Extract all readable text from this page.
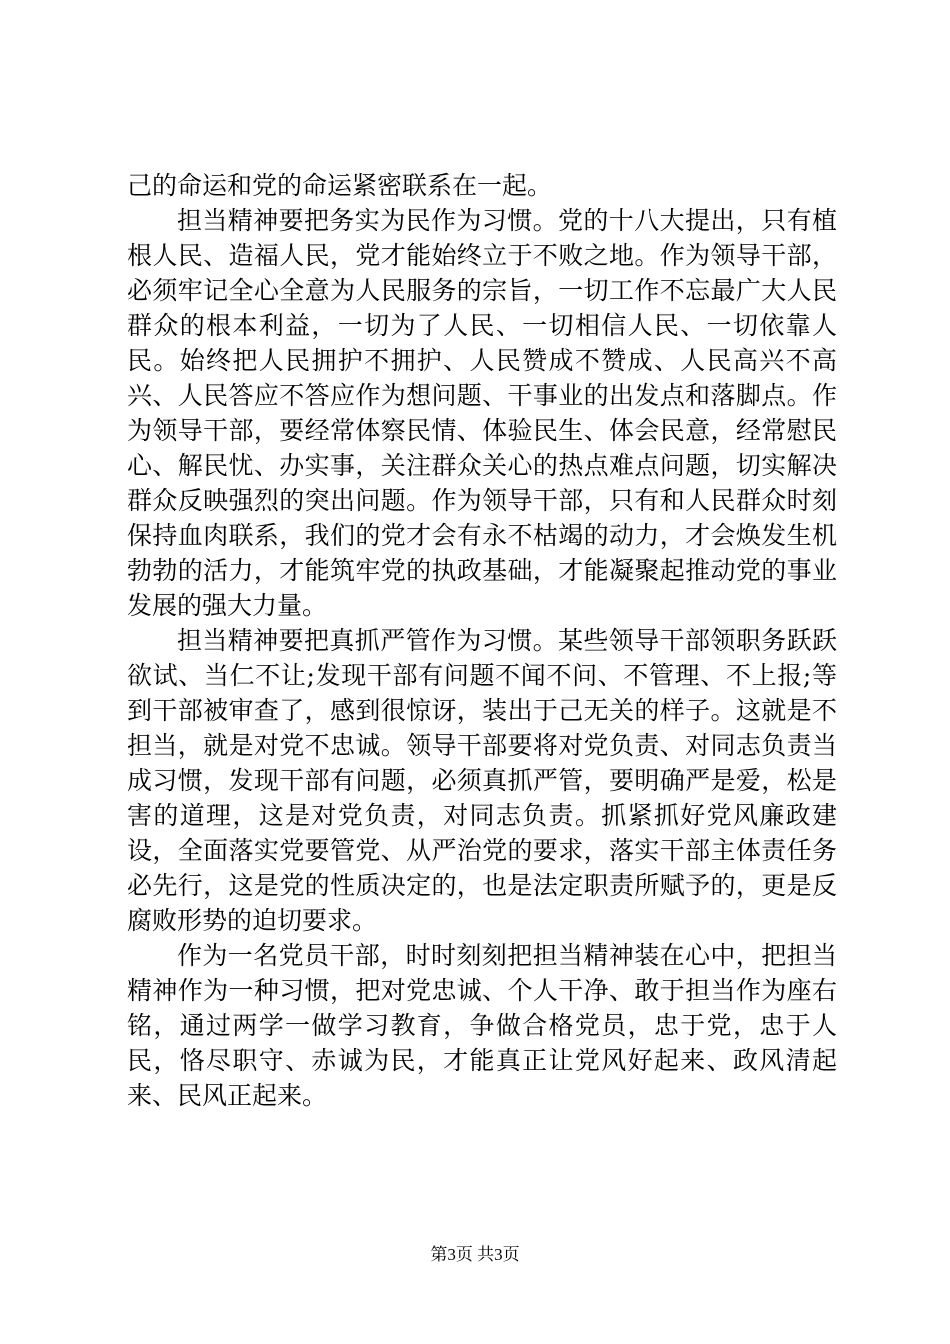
己的命运和党的命运紧密联系在一起。

担当精神要把务实为民作为习惯。党的十八大提出，只有植根人民、造福人民，党才能始终立于不败之地。作为领导干部，必须牢记全心全意为人民服务的宗旨，一切工作不忘最广大人民群众的根本利益，一切为了人民、一切相信人民、一切依靠人民。始终把人民拥护不拥护、人民赞成不赞成、人民高兴不高兴、人民答应不答应作为想问题、干事业的出发点和落脚点。作为领导干部，要经常体察民情、体验民生、体会民意，经常慰民心、解民忧、办实事，关注群众关心的热点难点问题，切实解决群众反映强烈的突出问题。作为领导干部，只有和人民群众时刻保持血肉联系，我们的党才会有永不枯竭的动力，才会焕发生机勃勃的活力，才能筑牢党的执政基础，才能凝聚起推动党的事业发展的强大力量。

担当精神要把真抓严管作为习惯。某些领导干部领职务跃跃欲试、当仁不让;发现干部有问题不闻不问、不管理、不上报;等到干部被审查了，感到很惊讶，装出于己无关的样子。这就是不担当，就是对党不忠诚。领导干部要将对党负责、对同志负责当成习惯，发现干部有问题，必须真抓严管，要明确严是爱，松是害的道理，这是对党负责，对同志负责。抓紧抓好党风廉政建设，全面落实党要管党、从严治党的要求，落实干部主体责任务必先行，这是党的性质决定的，也是法定职责所赋予的，更是反腐败形势的迫切要求。

作为一名党员干部，时时刻刻把担当精神装在心中，把担当精神作为一种习惯，把对党忠诚、个人干净、敢于担当作为座右铭，通过两学一做学习教育，争做合格党员，忠于党，忠于人民，恪尽职守、赤诚为民，才能真正让党风好起来、政风清起来、民风正起来。

第3页 共3页
